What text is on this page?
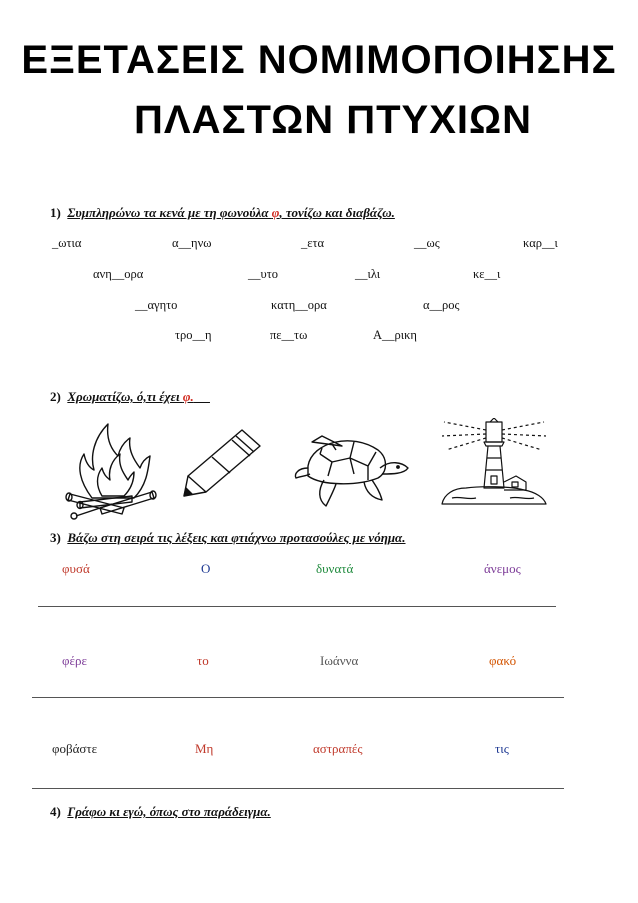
ΕΞΕΤΑΣΕΙΣ ΝΟΜΙΜΟΠΟΙΗΣΗΣ
ΠΛΑΣΤΩΝ ΠΤΥΧΙΩΝ
1) Συμπληρώνω τα κενά με τη φωνούλα φ, τονίζω και διαβάζω.
_ωτια	α__ηνω	_ετα	__ως	καρ__ι
ανη__ορα	__υτο	__ιλι	κε__ι
__αγητο	κατη__ορα	α__ρος
τρο__η	πε__τω	Α__ρικη
2) Χρωματίζω, ό,τι έχει φ.
3) Βάζω στη σειρά τις λέξεις και φτιάχνω προτασούλες με νόημα.
φυσά	Ο	δυνατά	άνεμος
φέρε	το	Ιωάννα	φακό
φοβάστε	Μη	αστραπές	τις
4) Γράφω κι εγώ, όπως στο παράδειγμα.
